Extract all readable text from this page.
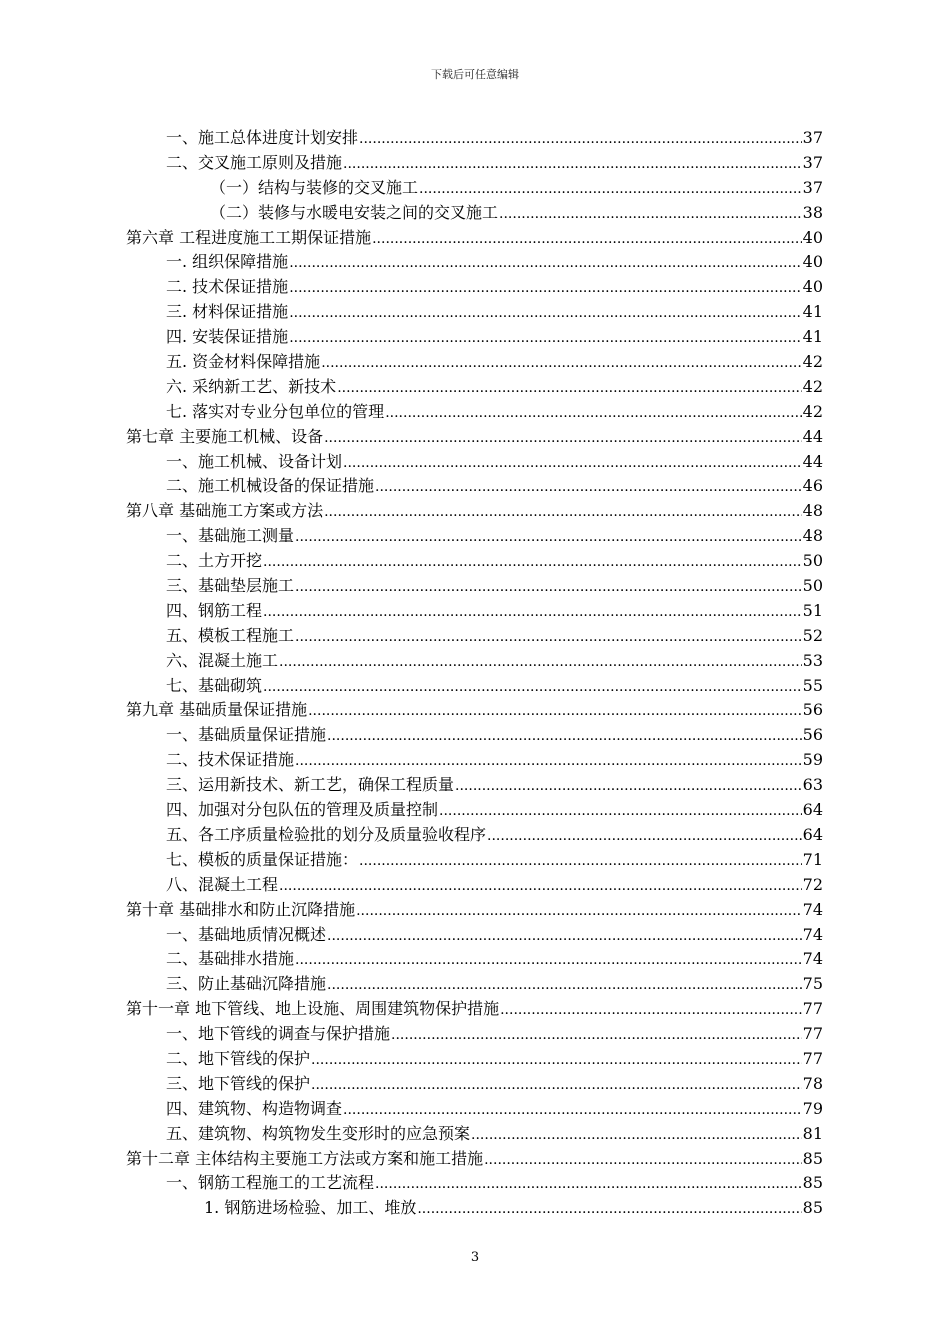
下载后可任意编辑
一、施工总体进度计划安排 .....	37
二、交叉施工原则及措施 .....	37
（一）结构与装修的交叉施工 .....	37
（二）装修与水暖电安装之间的交叉施工 .....	38
第六章 工程进度施工工期保证措施 .....	40
一. 组织保障措施 .....	40
二. 技术保证措施 .....	40
三. 材料保证措施 .....	41
四. 安装保证措施 .....	41
五. 资金材料保障措施 .....	42
六. 采纳新工艺、新技术 .....	42
七. 落实对专业分包单位的管理 .....	42
第七章 主要施工机械、设备 .....	44
一、施工机械、设备计划 .....	44
二、施工机械设备的保证措施 .....	46
第八章 基础施工方案或方法 .....	48
一、基础施工测量 .....	48
二、土方开挖 .....	50
三、基础垫层施工 .....	50
四、钢筋工程 .....	51
五、模板工程施工 .....	52
六、混凝土施工 .....	53
七、基础砌筑 .....	55
第九章 基础质量保证措施 .....	56
一、基础质量保证措施 .....	56
二、技术保证措施 .....	59
三、运用新技术、新工艺，确保工程质量 .....	63
四、加强对分包队伍的管理及质量控制 .....	64
五、各工序质量检验批的划分及质量验收程序 .....	64
七、模板的质量保证措施： .....	71
八、混凝土工程 .....	72
第十章 基础排水和防止沉降措施 .....	74
一、基础地质情况概述 .....	74
二、基础排水措施 .....	74
三、防止基础沉降措施 .....	75
第十一章 地下管线、地上设施、周围建筑物保护措施 .....	77
一、地下管线的调查与保护措施 .....	77
二、地下管线的保护 .....	77
三、地下管线的保护 .....	78
四、建筑物、构造物调查 .....	79
五、建筑物、构筑物发生变形时的应急预案 .....	81
第十二章 主体结构主要施工方法或方案和施工措施 .....	85
一、钢筋工程施工的工艺流程 .....	85
1. 钢筋进场检验、加工、堆放 .....	85
3
